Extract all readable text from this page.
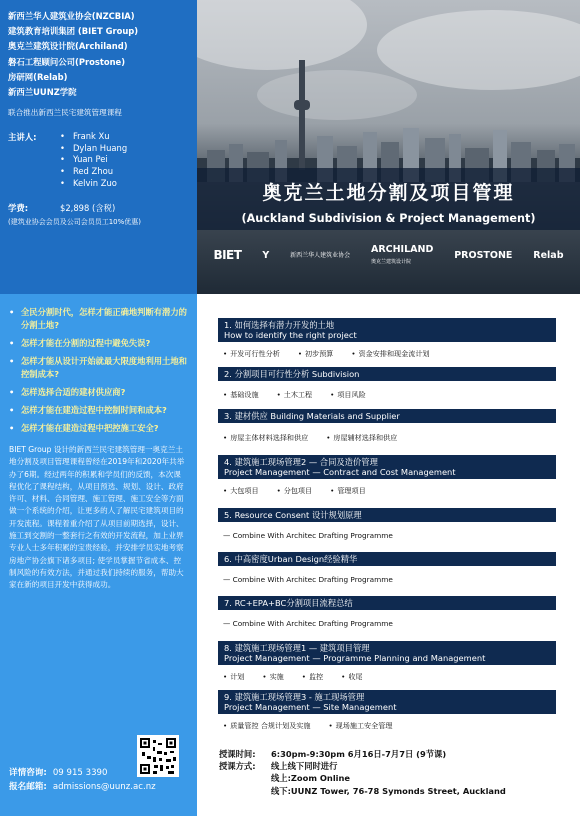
新西兰华人建筑业协会(NZCBIA)
建筑教育培训集团 (BIET Group)
奥克兰建筑设计院(Archiland)
磐石工程顾问公司(Prostone)
房研网(Relab)
新西兰UUNZ学院
联合推出新西兰民宅建筑管理课程
主讲人:	• Frank Xu
• Dylan Huang
• Yuan Pei
• Red Zhou
• Kelvin Zuo
学费:	$2,898 (含税)
(建筑业协会会员及公司会员员工10%优惠)
• 全民分割时代，怎样才能正确地判断有潜力的分割土地?
• 怎样才能在分割的过程中避免失误?
• 怎样才能从设计开始就最大限度地利用土地和控制成本?
• 怎样选择合适的建材供应商?
• 怎样才能在建造过程中控制时间和成本?
• 怎样才能在建造过程中把控施工安全?
BIET Group 设计的新西兰民宅建筑管理一奥克兰土地分割及项目管理课程曾经在2019年和2020年共举办了6期。经过两年的积累和学员们的反馈，本次课程优化了课程结构，从项目预选、规划、设计、政府许可、材料、合同管理、施工管理、施工安全等方面做一个系统的介绍，让更多的人了解民宅建筑项目的开发流程。课程着重介绍了从项目前期选择，设计、施工到交割的一整套行之有效的开发流程，加上业界专业人士多年积累的宝贵经验，并安排学员实地考察房地产协会旗下诸多项目; 使学员掌握节省成本、控制风险的有效方法，并通过我们持续的服务，帮助大家在新的项目开发中获得成功。
详情咨询: 09 915 3390
报名邮箱: admissions@uunz.ac.nz
奥克兰土地分割及项目管理
(Auckland Subdivision & Project Management)
BIET Y	新西兰华人建筑业协会 ARCHILAND
奥克兰建筑设计院
PROSTONE Relab
1. 如何选择有潜力开发的土地
How to identify the right project
• 开发可行性分析	• 初步预算	• 资金安排和现金流计划
2. 分割项目可行性分析 Subdivision
• 基础设施	• 土木工程	• 项目风险
3. 建材供应 Building Materials and Supplier
• 房屋主体材料选择和供应	• 房屋辅材选择和供应
4. 建筑施工现场管理2 — 合同及造价管理
Project Management — Contract and Cost Management
• 大包项目	• 分包项目	• 管理项目
5. Resource Consent 设计规划原理
— Combine With Architec Drafting Programme
6. 中高密度Urban Design经验精华
— Combine With Architec Drafting Programme
7. RC+EPA+BC分割项目流程总结
— Combine With Architec Drafting Programme
8. 建筑施工现场管理1 — 建筑项目管理
Project Management — Programme Planning and Management
• 计划	• 实施	• 监控	• 收尾
9. 建筑施工现场管理3 - 施工现场管理
Project Management — Site Management
• 质量管控 合规计划及实施	• 现场施工安全管理
授课时间: 6:30pm-9:30pm 6月16日-7月7日 (9节课)
授课方式: 线上线下同时进行
线上:Zoom Online
线下:UUNZ Tower, 76-78 Symonds Street, Auckland
